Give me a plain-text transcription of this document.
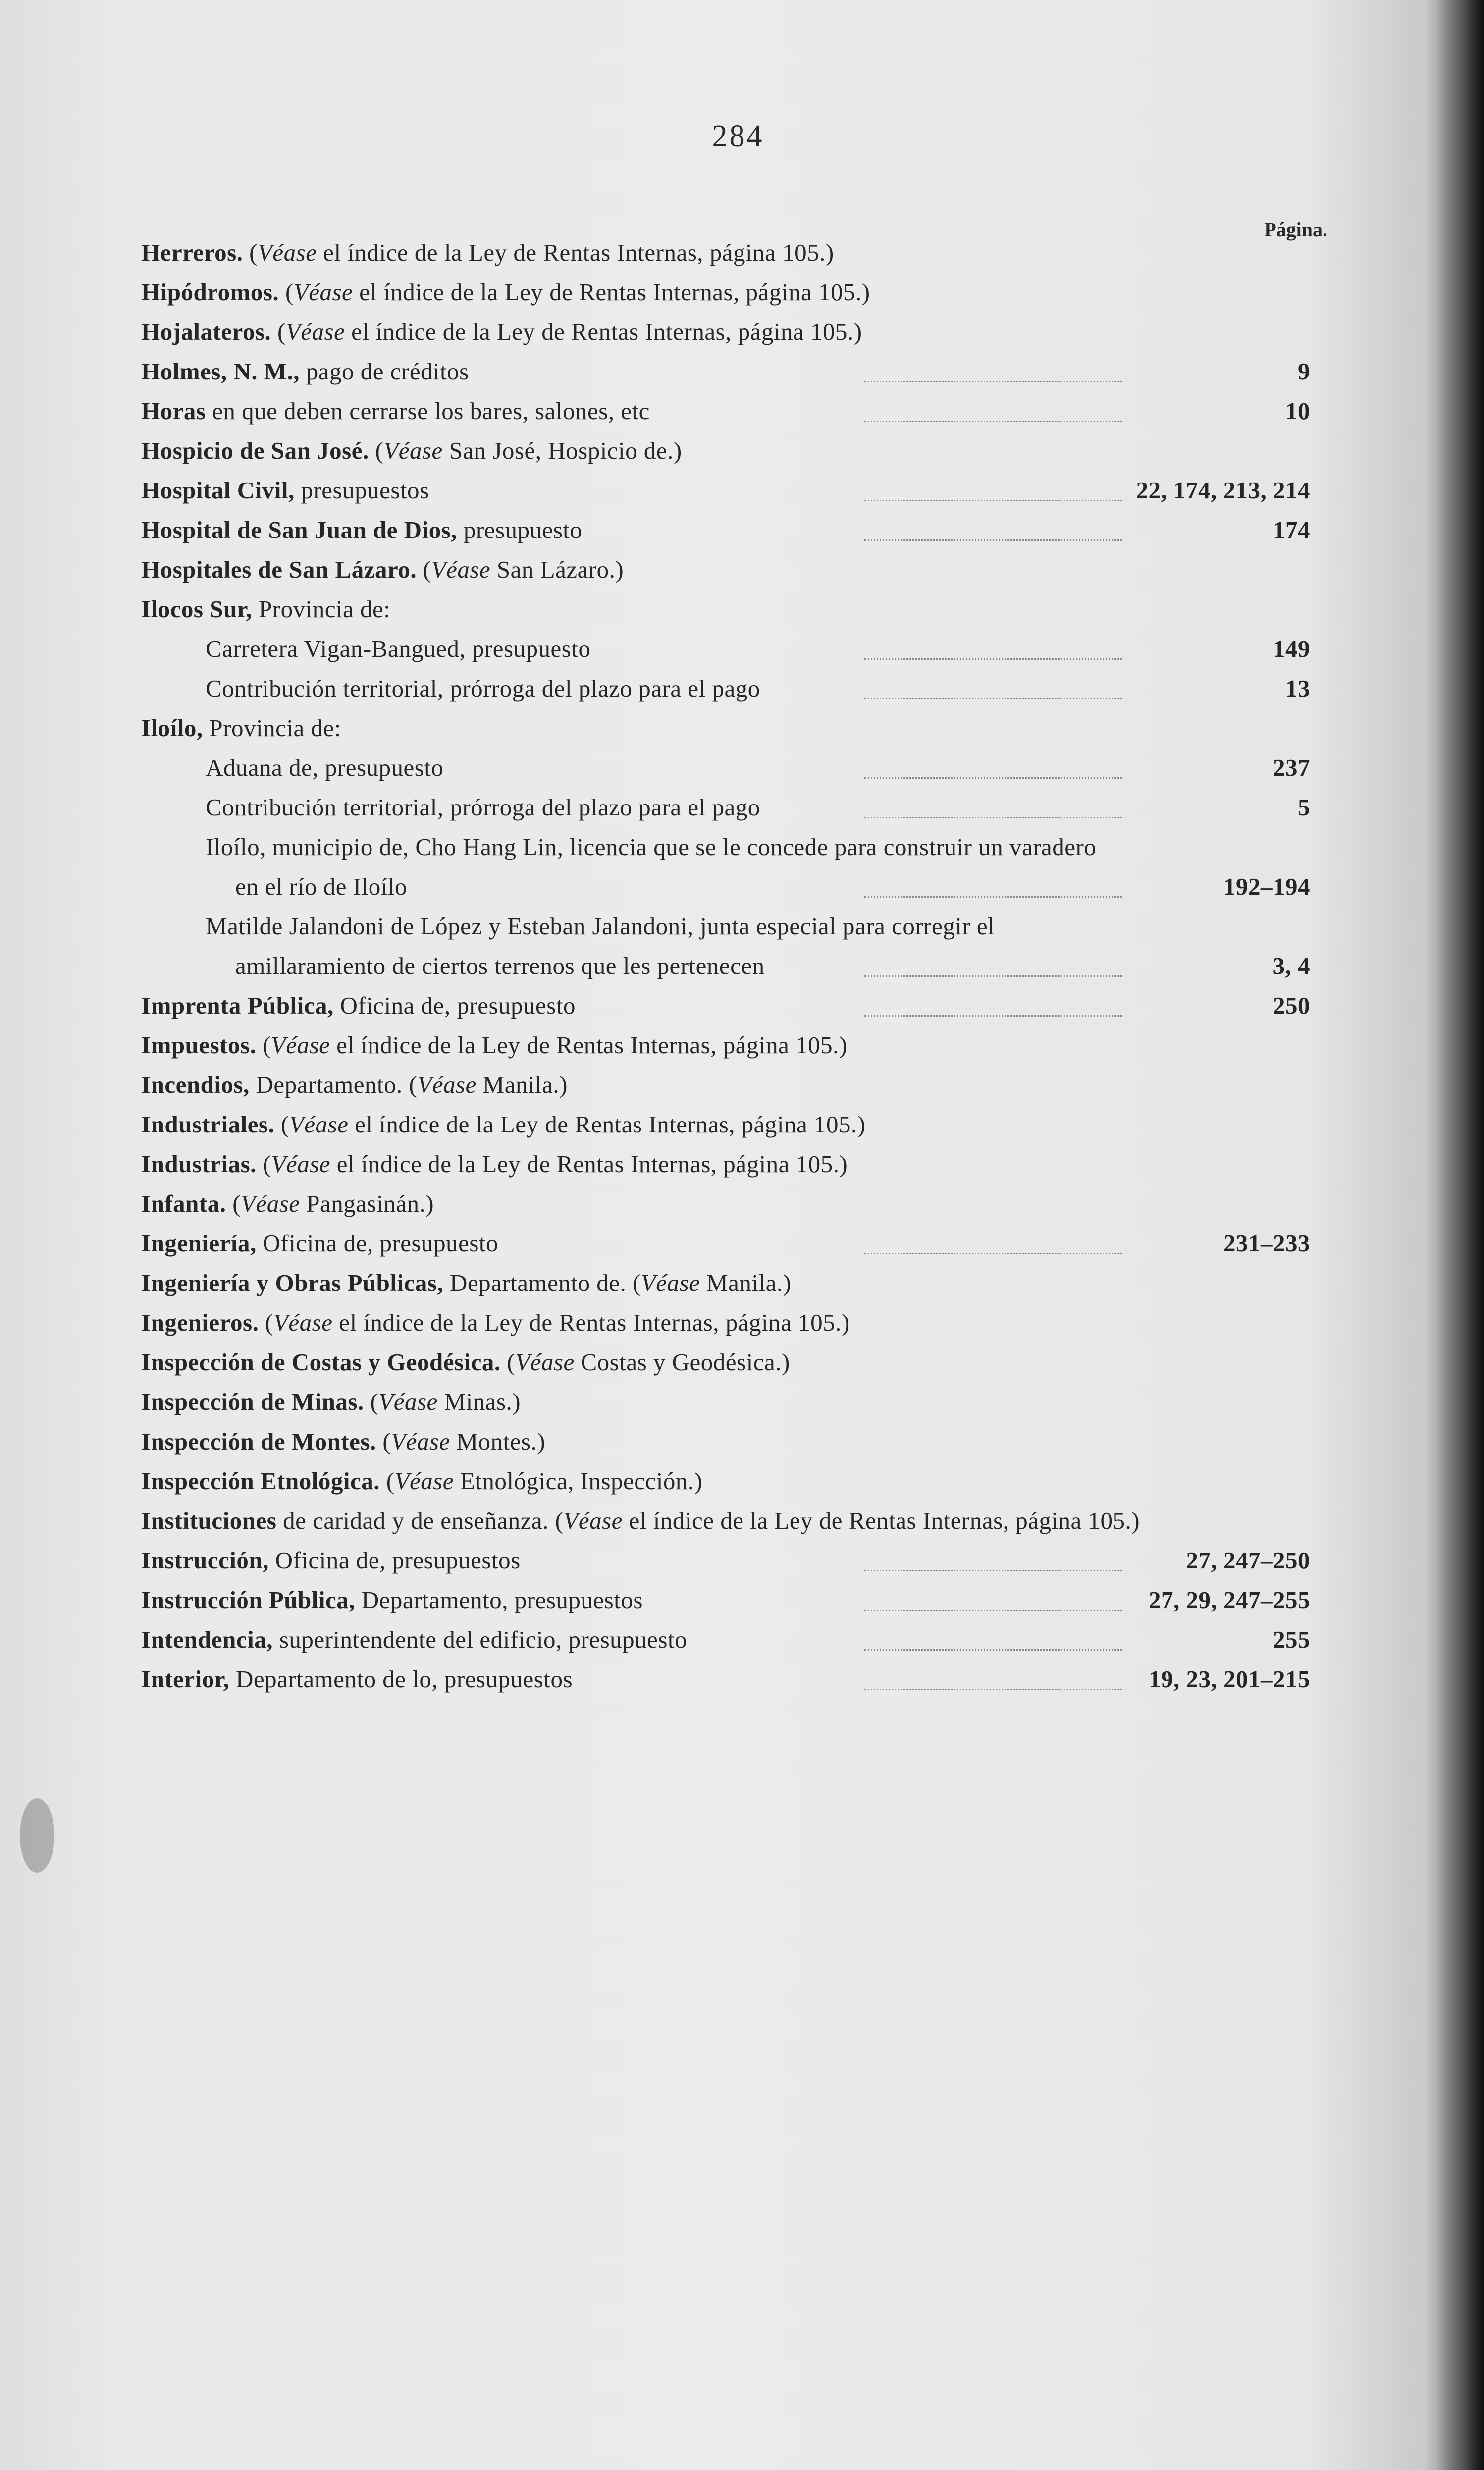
284
Página.
Herreros. (Véase el índice de la Ley de Rentas Internas, página 105.)
Hipódromos. (Véase el índice de la Ley de Rentas Internas, página 105.)
Hojalateros. (Véase el índice de la Ley de Rentas Internas, página 105.)
Holmes, N. M., pago de créditos	9
Horas en que deben cerrarse los bares, salones, etc	10
Hospicio de San José. (Véase San José, Hospicio de.)
Hospital Civil, presupuestos	22, 174, 213, 214
Hospital de San Juan de Dios, presupuesto	174
Hospitales de San Lázaro. (Véase San Lázaro.)
Ilocos Sur, Provincia de:
Carretera Vigan-Bangued, presupuesto	149
Contribución territorial, prórroga del plazo para el pago	13
Iloílo, Provincia de:
Aduana de, presupuesto	237
Contribución territorial, prórroga del plazo para el pago	5
Iloílo, municipio de, Cho Hang Lin, licencia que se le concede para construir un varadero en el río de Iloílo	192–194
Matilde Jalandoni de López y Esteban Jalandoni, junta especial para corregir el amillaramiento de ciertos terrenos que les pertenecen	3, 4
Imprenta Pública, Oficina de, presupuesto	250
Impuestos. (Véase el índice de la Ley de Rentas Internas, página 105.)
Incendios, Departamento. (Véase Manila.)
Industriales. (Véase el índice de la Ley de Rentas Internas, página 105.)
Industrias. (Véase el índice de la Ley de Rentas Internas, página 105.)
Infanta. (Véase Pangasinán.)
Ingeniería, Oficina de, presupuesto	231–233
Ingeniería y Obras Públicas, Departamento de. (Véase Manila.)
Ingenieros. (Véase el índice de la Ley de Rentas Internas, página 105.)
Inspección de Costas y Geodésica. (Véase Costas y Geodésica.)
Inspección de Minas. (Véase Minas.)
Inspección de Montes. (Véase Montes.)
Inspección Etnológica. (Véase Etnológica, Inspección.)
Instituciones de caridad y de enseñanza. (Véase el índice de la Ley de Rentas Internas, página 105.)
Instrucción, Oficina de, presupuestos	27, 247–250
Instrucción Pública, Departamento, presupuestos	27, 29, 247–255
Intendencia, superintendente del edificio, presupuesto	255
Interior, Departamento de lo, presupuestos	19, 23, 201–215
